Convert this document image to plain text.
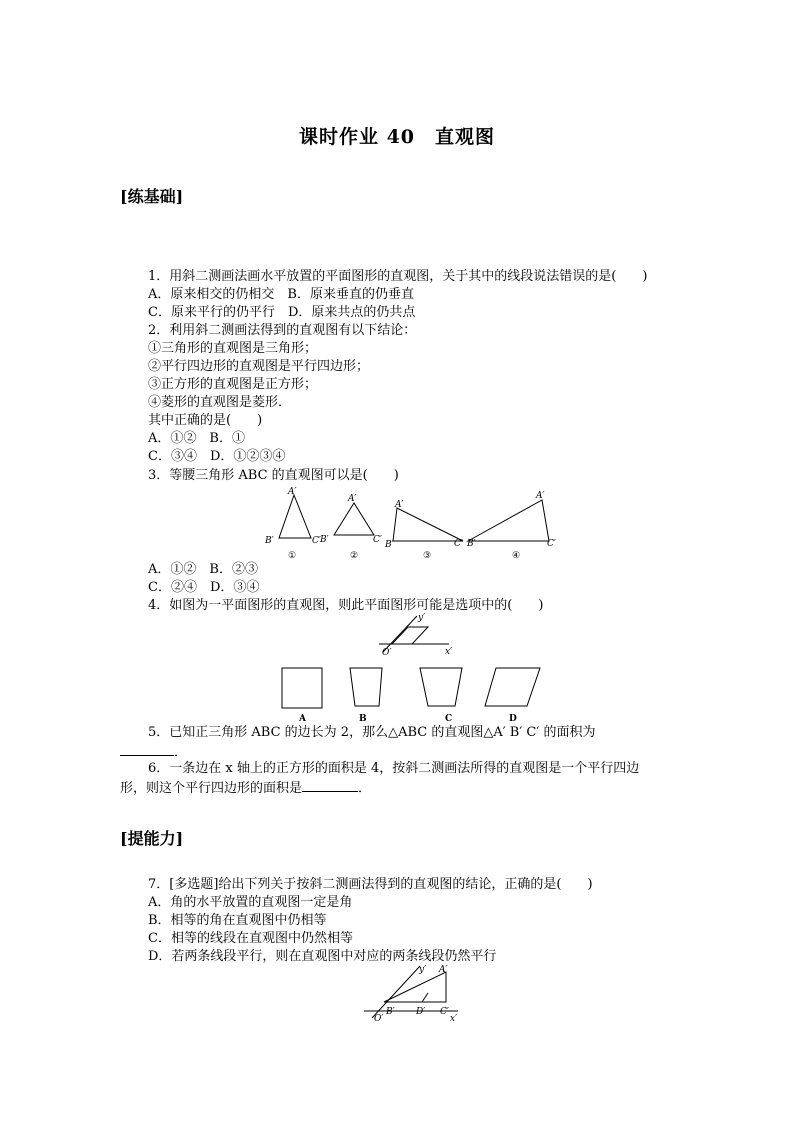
课时作业 40　直观图
[练基础]
1．用斜二测画法画水平放置的平面图形的直观图，关于其中的线段说法错误的是(　　)
A．原来相交的仍相交　B．原来垂直的仍垂直
C．原来平行的仍平行　D．原来共点的仍共点
2．利用斜二测画法得到的直观图有以下结论：
①三角形的直观图是三角形；
②平行四边形的直观图是平行四边形；
③正方形的直观图是正方形；
④菱形的直观图是菱形．
其中正确的是(　　)
A．①②　B．①
C．③④　D．①②③④
3．等腰三角形 ABC 的直观图可以是(　　)
A′
B′	C′
A′
B′	C′
A′
B′	C′
A′
B′	C′
①	②	③	④
A．①②　B．②③
C．②④　D．③④
4．如图为一平面图形的直观图，则此平面图形可能是选项中的(　　)
y′
O′	x′
A	B	C	D
5．已知正三角形 ABC 的边长为 2，那么△ABC 的直观图△A′ B′ C′ 的面积为
．
6．一条边在 x 轴上的正方形的面积是 4，按斜二测画法所得的直观图是一个平行四边
形，则这个平行四边形的面积是	．
[提能力]
7．[多选题]给出下列关于按斜二测画法得到的直观图的结论，正确的是(　　)
A．角的水平放置的直观图一定是角
B．相等的角在直观图中仍相等
C．相等的线段在直观图中仍然相等
D．若两条线段平行，则在直观图中对应的两条线段仍然平行
y′ A′
B′ D′ C′
O′	x′
